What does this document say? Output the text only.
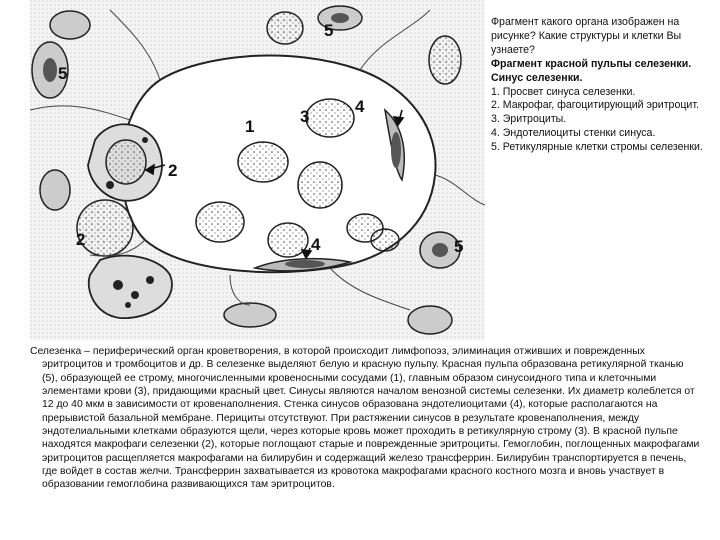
1
2
2
3
4
4
5
5
5

Фрагмент какого органа изображен на рисунке? Какие структуры и клетки Вы узнаете?

Фрагмент красной пульпы селезенки. Синус селезенки.

1. Просвет синуса селезенки.

2. Макрофаг, фагоцитирующий эритроцит.

3. Эритроциты.

4. Эндотелиоциты стенки синуса.

5. Ретикулярные клетки стромы селезенки.

Селезенка – периферический орган кроветворения, в которой происходит лимфопоэз, элиминация отживших и поврежденных эритроцитов и тромбоцитов и др. В селезенке выделяют белую и красную пульпу. Красная пульпа образована ретикулярной тканью (5), образующей ее строму, многочисленными кровеносными сосудами (1), главным образом синусоидного типа и клеточными элементами крови (3), придающими красный цвет. Синусы являются началом венозной системы селезенки. Их диаметр колеблется от 12 до 40 мкм в зависимости от кровенаполнения. Стенка синусов образована эндотелиоцитами (4), которые располагаются на прерывистой базальной мембране. Перициты отсутствуют. При растяжении синусов в результате кровенаполнения, между эндотелиальными клетками образуются щели, через которые кровь может проходить в ретикулярную строму (3). В красной пульпе находятся макрофаги селезенки (2), которые поглощают старые и поврежденные эритроциты. Гемоглобин, поглощенных макрофагами эритроцитов расщепляется макрофагами на билирубин и содержащий железо трансферрин. Билирубин транспортируется в печень, где войдет в состав желчи. Трансферрин захватывается из кровотока макрофагами красного костного мозга и вновь участвует в образовании гемоглобина развивающихся там эритроцитов.
